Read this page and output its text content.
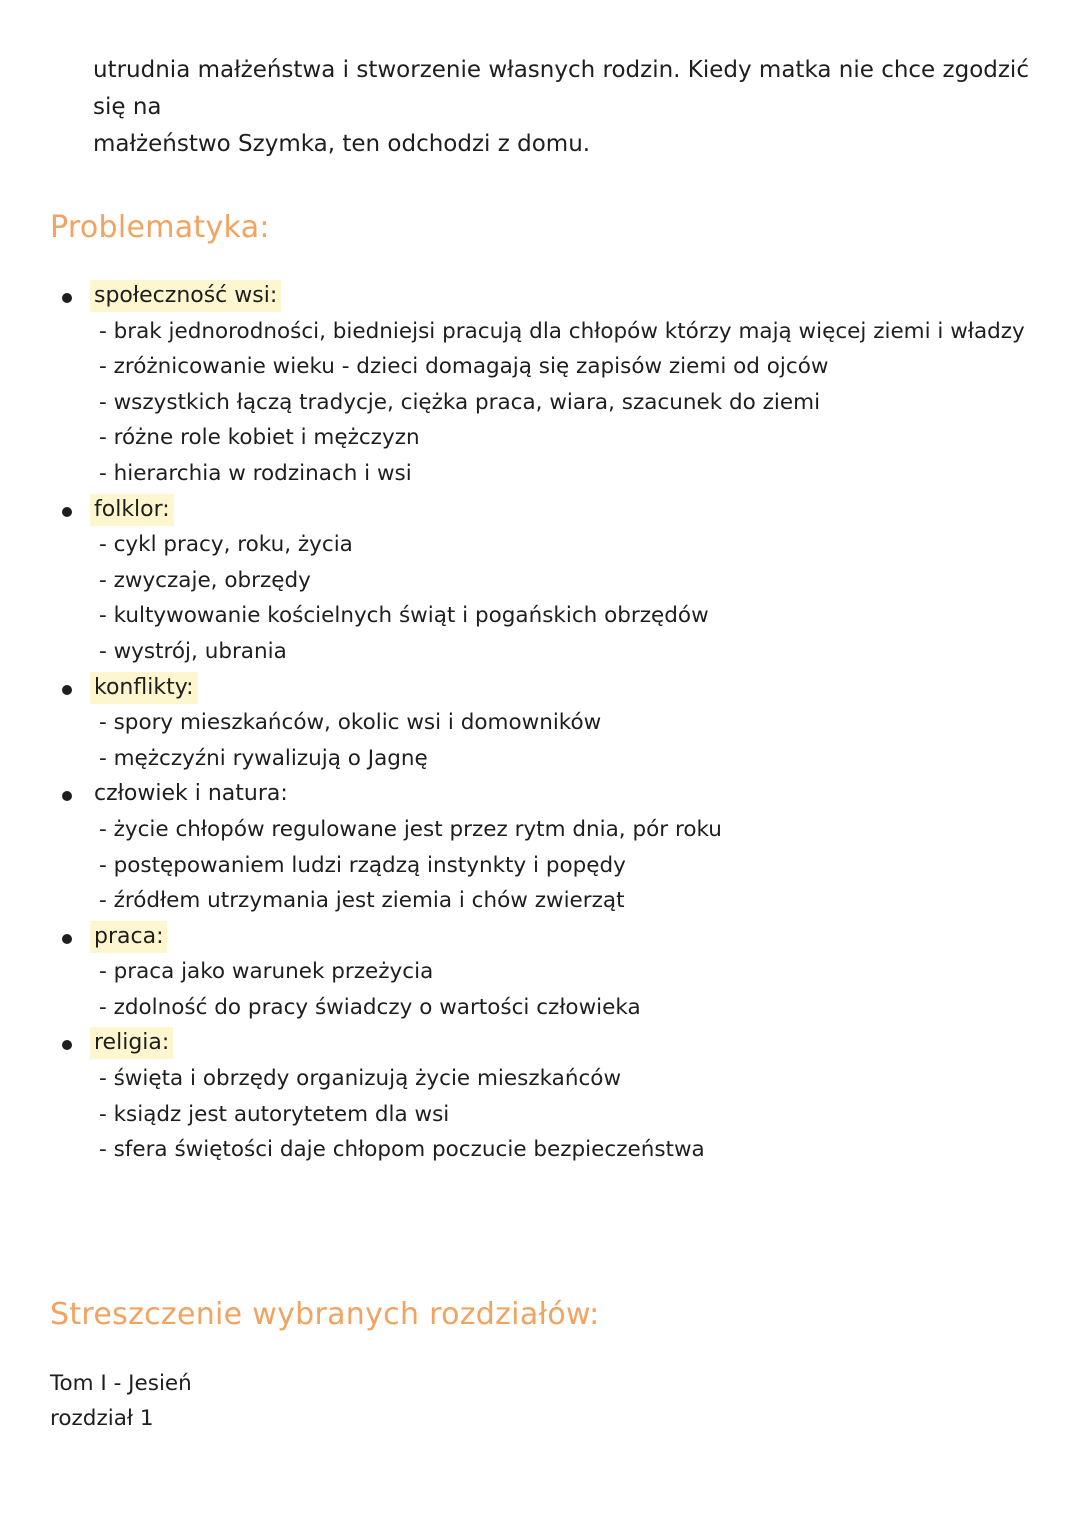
utrudnia małżeństwa i stworzenie własnych rodzin. Kiedy matka nie chce zgodzić się na
małżeństwo Szymka, ten odchodzi z domu.
Problematyka:
społeczność wsi:
- brak jednorodności, biedniejsi pracują dla chłopów którzy mają więcej ziemi i władzy
- zróżnicowanie wieku - dzieci domagają się zapisów ziemi od ojców
- wszystkich łączą tradycje, ciężka praca, wiara, szacunek do ziemi
- różne role kobiet i mężczyzn
- hierarchia w rodzinach i wsi
folklor:
- cykl pracy, roku, życia
- zwyczaje, obrzędy
- kultywowanie kościelnych świąt i pogańskich obrzędów
- wystrój, ubrania
konflikty:
- spory mieszkańców, okolic wsi i domowników
- mężczyźni rywalizują o Jagnę
człowiek i natura:
- życie chłopów regulowane jest przez rytm dnia, pór roku
- postępowaniem ludzi rządzą instynkty i popędy
- źródłem utrzymania jest ziemia i chów zwierząt
praca:
- praca jako warunek przeżycia
- zdolność do pracy świadczy o wartości człowieka
religia:
- święta i obrzędy organizują życie mieszkańców
- ksiądz jest autorytetem dla wsi
- sfera świętości daje chłopom poczucie bezpieczeństwa
Streszczenie wybranych rozdziałów:
Tom I - Jesień
rozdział 1
